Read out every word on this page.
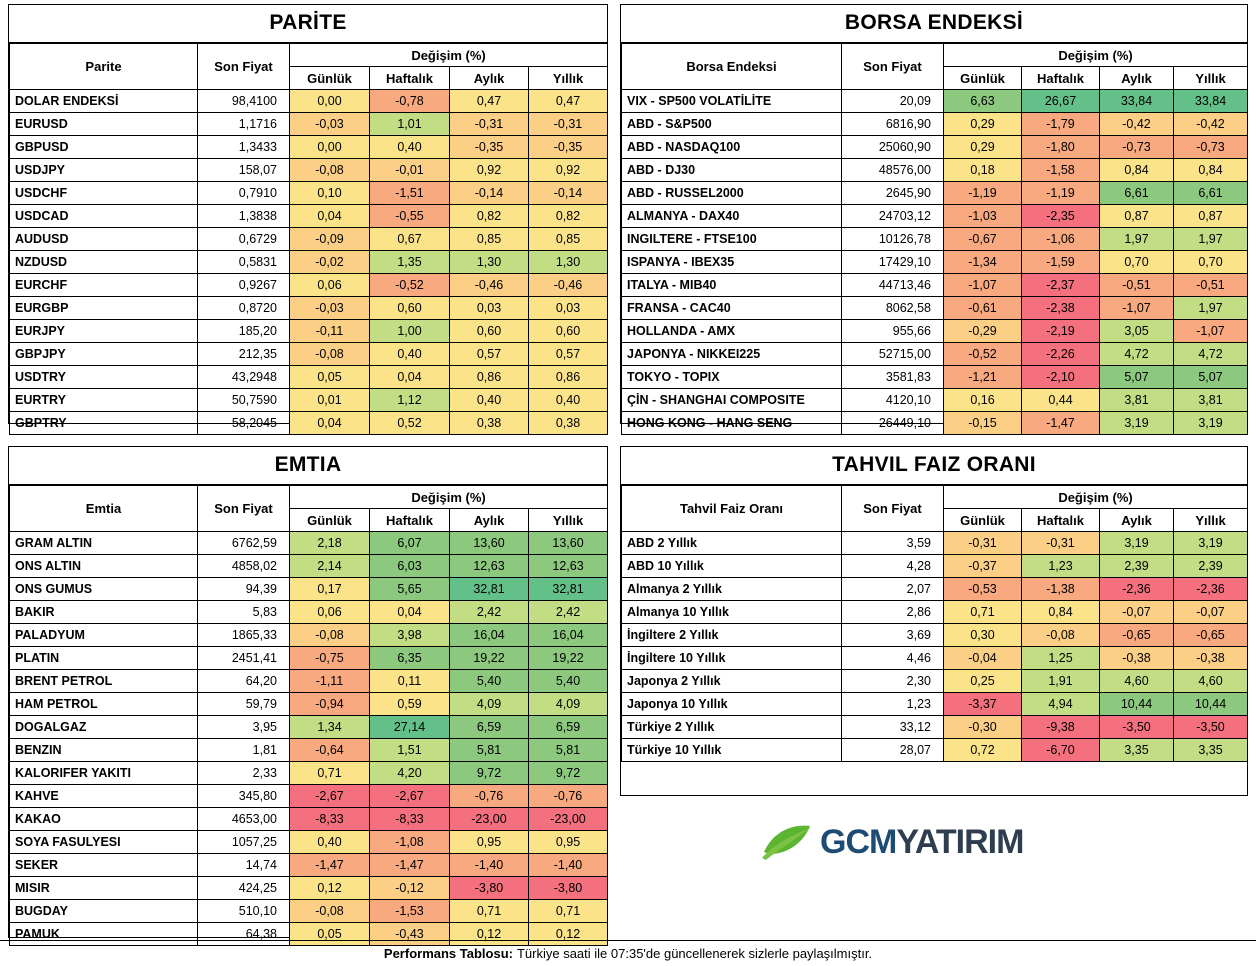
PARİTE
Parite	Son Fiyat	Değişim (%)			
		Günlük	Haftalık	Aylık	Yıllık
DOLAR ENDEKSİ	98,4100	0,00	-0,78	0,47	0,47
EURUSD	1,1716	-0,03	1,01	-0,31	-0,31
GBPUSD	1,3433	0,00	0,40	-0,35	-0,35
USDJPY	158,07	-0,08	-0,01	0,92	0,92
USDCHF	0,7910	0,10	-1,51	-0,14	-0,14
USDCAD	1,3838	0,04	-0,55	0,82	0,82
AUDUSD	0,6729	-0,09	0,67	0,85	0,85
NZDUSD	0,5831	-0,02	1,35	1,30	1,30
EURCHF	0,9267	0,06	-0,52	-0,46	-0,46
EURGBP	0,8720	-0,03	0,60	0,03	0,03
EURJPY	185,20	-0,11	1,00	0,60	0,60
GBPJPY	212,35	-0,08	0,40	0,57	0,57
USDTRY	43,2948	0,05	0,04	0,86	0,86
EURTRY	50,7590	0,01	1,12	0,40	0,40
GBPTRY	58,2045	0,04	0,52	0,38	0,38
BORSA ENDEKSİ
Borsa Endeksi	Son Fiyat	Değişim (%)			
		Günlük	Haftalık	Aylık	Yıllık
VIX - SP500 VOLATİLİTE	20,09	6,63	26,67	33,84	33,84
ABD - S&P500	6816,90	0,29	-1,79	-0,42	-0,42
ABD - NASDAQ100	25060,90	0,29	-1,80	-0,73	-0,73
ABD - DJ30	48576,00	0,18	-1,58	0,84	0,84
ABD - RUSSEL2000	2645,90	-1,19	-1,19	6,61	6,61
ALMANYA - DAX40	24703,12	-1,03	-2,35	0,87	0,87
INGILTERE - FTSE100	10126,78	-0,67	-1,06	1,97	1,97
ISPANYA - IBEX35	17429,10	-1,34	-1,59	0,70	0,70
ITALYA - MIB40	44713,46	-1,07	-2,37	-0,51	-0,51
FRANSA - CAC40	8062,58	-0,61	-2,38	-1,07	1,97
HOLLANDA - AMX	955,66	-0,29	-2,19	3,05	-1,07
JAPONYA - NIKKEI225	52715,00	-0,52	-2,26	4,72	4,72
TOKYO - TOPIX	3581,83	-1,21	-2,10	5,07	5,07
ÇİN - SHANGHAI COMPOSITE	4120,10	0,16	0,44	3,81	3,81
HONG KONG - HANG SENG	26449,10	-0,15	-1,47	3,19	3,19
EMTIA
Emtia	Son Fiyat	Değişim (%)			
		Günlük	Haftalık	Aylık	Yıllık
GRAM ALTIN	6762,59	2,18	6,07	13,60	13,60
ONS ALTIN	4858,02	2,14	6,03	12,63	12,63
ONS GUMUS	94,39	0,17	5,65	32,81	32,81
BAKIR	5,83	0,06	0,04	2,42	2,42
PALADYUM	1865,33	-0,08	3,98	16,04	16,04
PLATIN	2451,41	-0,75	6,35	19,22	19,22
BRENT PETROL	64,20	-1,11	0,11	5,40	5,40
HAM PETROL	59,79	-0,94	0,59	4,09	4,09
DOGALGAZ	3,95	1,34	27,14	6,59	6,59
BENZIN	1,81	-0,64	1,51	5,81	5,81
KALORIFER YAKITI	2,33	0,71	4,20	9,72	9,72
KAHVE	345,80	-2,67	-2,67	-0,76	-0,76
KAKAO	4653,00	-8,33	-8,33	-23,00	-23,00
SOYA FASULYESI	1057,25	0,40	-1,08	0,95	0,95
SEKER	14,74	-1,47	-1,47	-1,40	-1,40
MISIR	424,25	0,12	-0,12	-3,80	-3,80
BUGDAY	510,10	-0,08	-1,53	0,71	0,71
PAMUK	64,38	0,05	-0,43	0,12	0,12
TAHVIL FAIZ ORANI
Tahvil Faiz Oranı	Son Fiyat	Değişim (%)			
		Günlük	Haftalık	Aylık	Yıllık
ABD 2 Yıllık	3,59	-0,31	-0,31	3,19	3,19
ABD 10 Yıllık	4,28	-0,37	1,23	2,39	2,39
Almanya 2 Yıllık	2,07	-0,53	-1,38	-2,36	-2,36
Almanya 10 Yıllık	2,86	0,71	0,84	-0,07	-0,07
İngiltere 2 Yıllık	3,69	0,30	-0,08	-0,65	-0,65
İngiltere 10 Yıllık	4,46	-0,04	1,25	-0,38	-0,38
Japonya 2 Yıllık	2,30	0,25	1,91	4,60	4,60
Japonya 10 Yıllık	1,23	-3,37	4,94	10,44	10,44
Türkiye 2 Yıllık	33,12	-0,30	-9,38	-3,50	-3,50
Türkiye 10 Yıllık	28,07	0,72	-6,70	3,35	3,35
GCMYATIRIM
Performans Tablosu: Türkiye saati ile 07:35'de güncellenerek sizlerle paylaşılmıştır.
